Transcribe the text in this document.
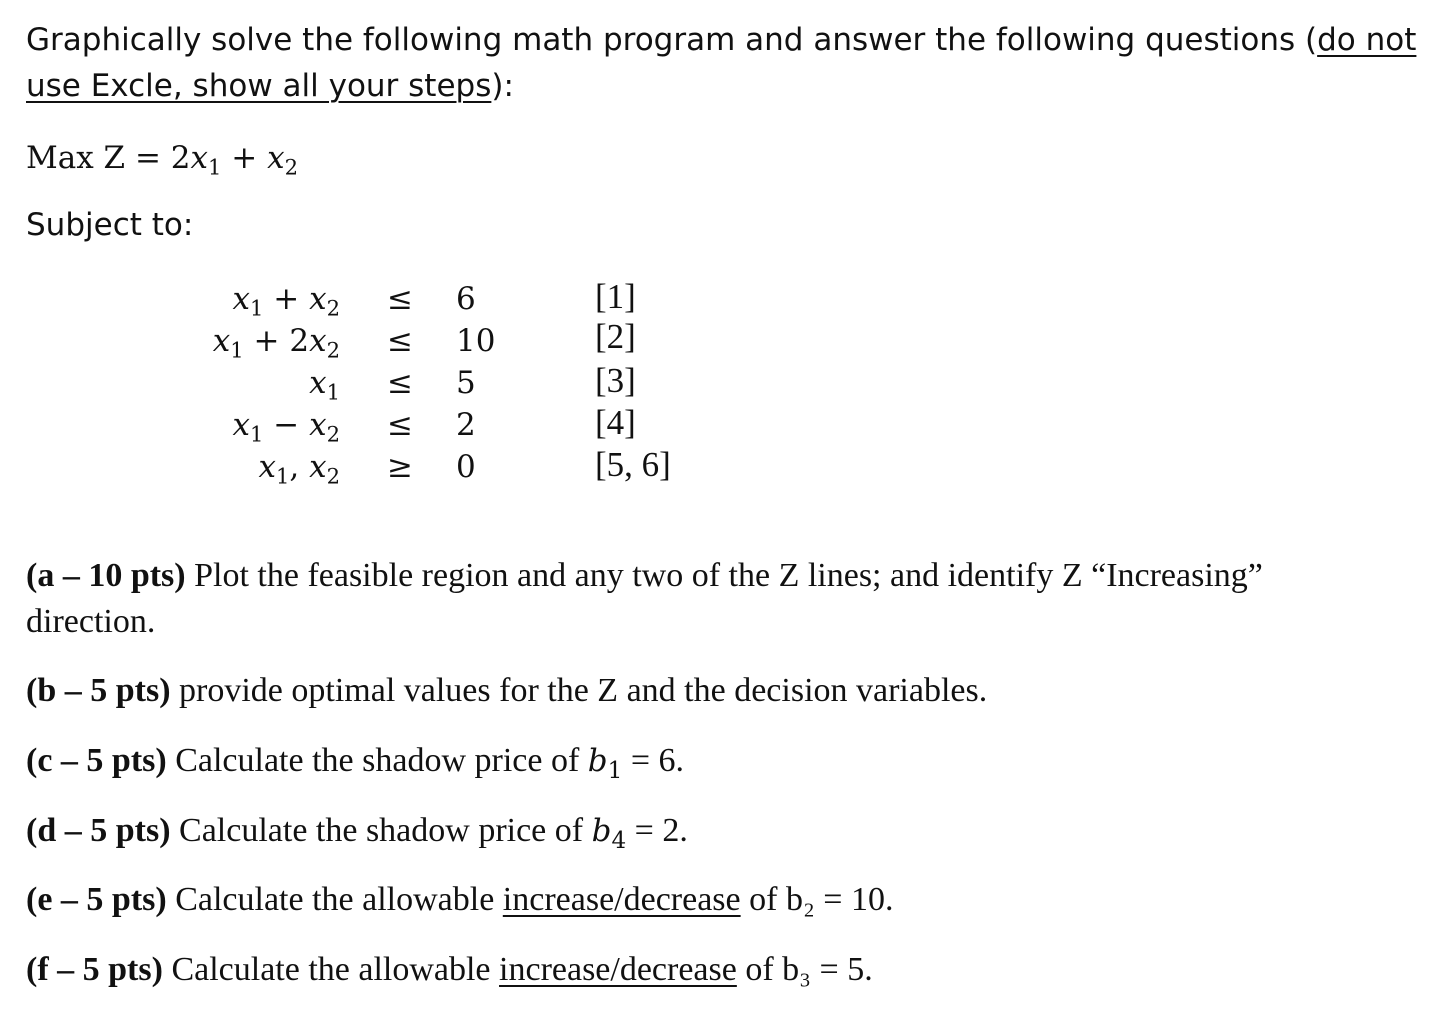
Graphically solve the following math program and answer the following questions (do not
use Excle, show all your steps):
Max $Z = 2x_1 + x_2$
Subject to:
$x_1 + x_2 \le 6$	[1]
$x_1 + 2x_2 \le 10$	[2]
$x_1 \le 5$	[3]
$x_1 - x_2 \le 2$	[4]
$x_1$, $x_2 \ge 0$	[5, 6]
(a – 10 pts) Plot the feasible region and any two of the Z lines; and identify Z “Increasing”
direction.
(b – 5 pts) provide optimal values for the Z and the decision variables.
(c – 5 pts) Calculate the shadow price of $b_1 = 6$.
(d – 5 pts) Calculate the shadow price of $b_4 = 2$.
(e – 5 pts) Calculate the allowable increase/decrease of b₂ = 10.
(f – 5 pts) Calculate the allowable increase/decrease of b₃ = 5.
